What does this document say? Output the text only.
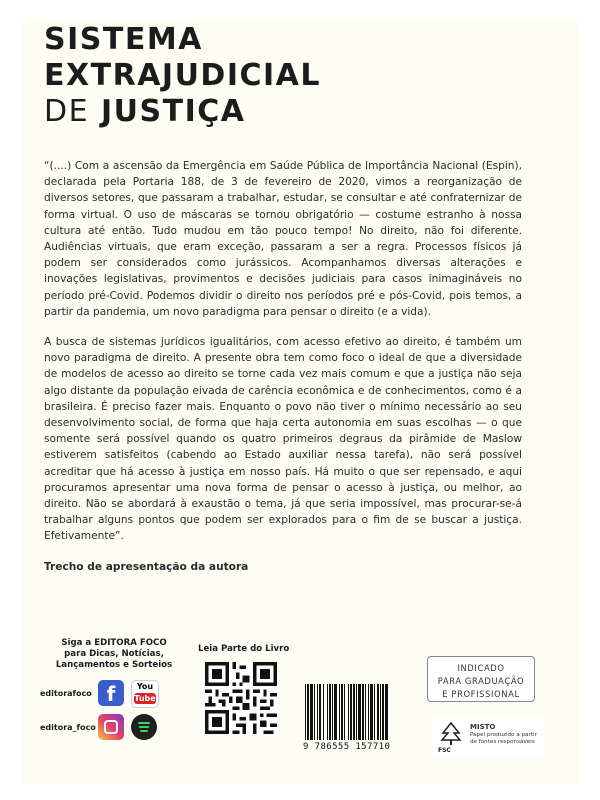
SISTEMA
EXTRAJUDICIAL
DE JUSTIÇA

“(....) Com a ascensão da Emergência em Saúde Pública de Importância Nacional (Espin), declarada pela Portaria 188, de 3 de fevereiro de 2020, vimos a reorganização de diversos setores, que passaram a trabalhar, estudar, se consultar e até confraternizar de forma virtual. O uso de máscaras se tornou obrigatório — costume estranho à nossa cultura até então. Tudo mudou em tão pouco tempo! No direito, não foi diferente. Audiências virtuais, que eram exceção, passaram a ser a regra. Processos físicos já podem ser considerados como jurássicos. Acompanhamos diversas alterações e inovações legislativas, provimentos e decisões judiciais para casos inimagináveis no período pré-Covid. Podemos dividir o direito nos períodos pré e pós-Covid, pois temos, a partir da pandemia, um novo paradigma para pensar o direito (e a vida).

A busca de sistemas jurídicos igualitários, com acesso efetivo ao direito, é também um novo paradigma de direito. A presente obra tem como foco o ideal de que a diversidade de modelos de acesso ao direito se torne cada vez mais comum e que a justiça não seja algo distante da população eivada de carência econômica e de conhecimentos, como é a brasileira. É preciso fazer mais. Enquanto o povo não tiver o mínimo necessário ao seu desenvolvimento social, de forma que haja certa autonomia em suas escolhas — o que somente será possível quando os quatro primeiros degraus da pirâmide de Maslow estiverem satisfeitos (cabendo ao Estado auxiliar nessa tarefa), não será possível acreditar que há acesso à justiça em nosso país. Há muito o que ser repensado, e aqui procuramos apresentar uma nova forma de pensar o acesso à justiça, ou melhor, ao direito. Não se abordará à exaustão o tema, já que seria impossível, mas procurar-se-á trabalhar alguns pontos que podem ser explorados para o fim de se buscar a justiça. Efetivamente”.

Trecho de apresentação da autora

Siga a EDITORA FOCO
para Dicas, Notícias,
Lançamentos e Sorteios
editorafoco f	You
Tube
editora_foco
Leia Parte do Livro
INDICADO
PARA GRADUAÇÃO
E PROFISSIONAL
9 786555 157710	FSC
MISTO
Papel produzido a partir
de fontes responsáveis
